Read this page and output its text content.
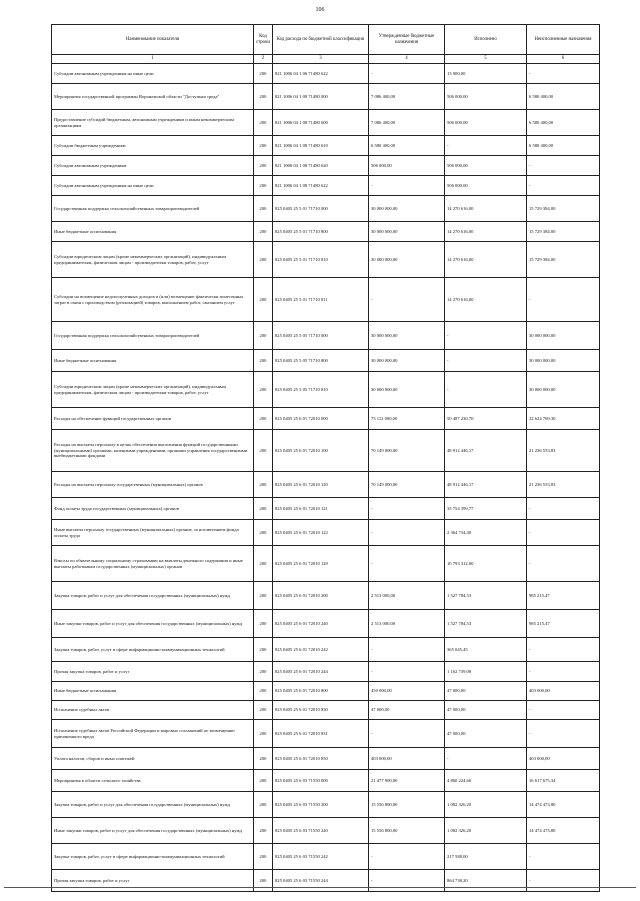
106
Наименование показателя	Код строки	Код расхода по бюджетной классификации	Утвержденные бюджетные назначения	Исполнено	Неисполненные назначения
1	2	3	4	5	6
Субсидии автономным учреждениям на иные цели	200	821 1006 04 1 06 71480 622	-	13 900,00	-
Мероприятия государственной программы Воронежской области "Доступная среда"	200	821 1006 04 1 08 71480 000	7 086 400,00	506 000,00	6 580 400,00
Предоставление субсидий бюджетным, автономным учреждениям и иным некоммерческим организациям	200	821 1006 04 1 08 71480 600	7 086 400,00	506 000,00	6 580 400,00
Субсидии бюджетным учреждениям	200	821 1006 04 1 08 71480 610	6 580 400,00	-	6 580 400,00
Субсидии автономным учреждениям	200	821 1006 04 1 08 71480 620	506 000,00	506 000,00	-
Субсидии автономным учреждениям на иные цели	200	821 1006 04 1 08 71480 622	-	506 000,00	-
Государственная поддержка сельскохозяйственных товаропроизводителей	200	825 0405 25 5 01 71710 000	30 000 000,00	14 270 616,00	15 729 384,00
Иные бюджетные ассигнования	200	825 0405 25 5 01 71710 800	30 000 000,00	14 270 616,00	15 729 384,00
Субсидии юридическим лицам (кроме некоммерческих организаций), индивидуальным предпринимателям, физическим лицам - производителям товаров, работ, услуг	200	825 0405 25 5 01 71710 810	30 000 000,00	14 270 616,00	15 729 384,00
Субсидии на возмещение недополученных доходов и (или) возмещение фактически понесенных затрат в связи с производством (реализацией) товаров, выполнением работ, оказанием услуг	200	825 0405 25 5 01 71710 811	-	14 270 616,00	-
Государственная поддержка сельскохозяйственных товаропроизводителей	200	825 0405 25 5 05 71710 000	30 000 000,00	-	30 000 000,00
Иные бюджетные ассигнования	200	825 0405 25 5 05 71710 800	30 000 000,00	-	30 000 000,00
Субсидии юридическим лицам (кроме некоммерческих организаций), индивидуальным предпринимателям, физическим лицам - производителям товаров, работ, услуг	200	825 0405 25 5 05 71710 810	30 000 000,00	-	30 000 000,00
Расходы на обеспечение функций государственных органов	200	825 0405 25 6 01 72010 000	73 112 000,00	50 487 230,70	22 624 769,30
Расходы на выплаты персоналу в целях обеспечения выполнения функций государственными (муниципальными) органами, казенными учреждениями, органами управления государственными внебюджетными фондами	200	825 0405 25 6 01 72010 100	70 149 000,00	48 912 446,17	21 236 553,83
Расходы на выплаты персоналу государственных (муниципальных) органов	200	825 0405 25 6 01 72010 120	70 149 000,00	48 912 446,17	21 236 553,83
Фонд оплаты труда государственных (муниципальных) органов	200	825 0405 25 6 01 72010 121	-	35 754 399,77	-
Иные выплаты персоналу государственных (муниципальных) органов, за исключением фонда оплаты труда	200	825 0405 25 6 01 72010 122	-	2 364 734,40	-
Взносы по обязательному социальному страхованию на выплаты денежного содержания и иные выплаты работникам государственных (муниципальных) органов	200	825 0405 25 6 01 72010 129	-	10 793 312,00	-
Закупка товаров, работ и услуг для обеспечения государственных (муниципальных) нужд	200	825 0405 25 6 01 72010 200	2 513 000,00	1 527 784,53	985 215,47
Иные закупки товаров, работ и услуг для обеспечения государственных (муниципальных) нужд	200	825 0405 25 6 01 72010 240	2 513 000,00	1 527 784,53	985 215,47
Закупка товаров, работ, услуг в сфере информационно-коммуникационных технологий	200	825 0405 25 6 01 72010 242	-	365 045,45	-
Прочая закупка товаров, работ и услуг	200	825 0405 25 6 01 72010 244	-	1 162 739,08	-
Иные бюджетные ассигнования	200	825 0405 25 6 01 72010 800	450 000,00	47 000,00	403 000,00
Исполнение судебных актов	200	825 0405 25 6 01 72010 830	47 000,00	47 000,00	-
Исполнение судебных актов Российской Федерации и мировых соглашений по возмещению причиненного вреда	200	825 0405 25 6 01 72010 831	-	47 000,00	-
Уплата налогов, сборов и иных платежей	200	825 0405 25 6 01 72010 850	403 000,00	-	403 000,00
Мероприятия в области сельского хозяйства	200	825 0405 25 6 03 71550 000	21 477 900,00	4 860 224,66	16 617 675,34
Закупка товаров, работ и услуг для обеспечения государственных (муниципальных) нужд	200	825 0405 25 6 03 71550 200	15 556 800,00	1 082 326,20	14 474 473,80
Иные закупки товаров, работ и услуг для обеспечения государственных (муниципальных) нужд	200	825 0405 25 6 03 71550 240	15 556 800,00	1 082 326,20	14 474 473,80
Закупка товаров, работ, услуг в сфере информационно-коммуникационных технологий	200	825 0405 25 6 03 71550 242	-	217 588,00	-
Прочая закупка товаров, работ и услуг	200	825 0405 25 6 03 71550 244	-	864 738,20	-
